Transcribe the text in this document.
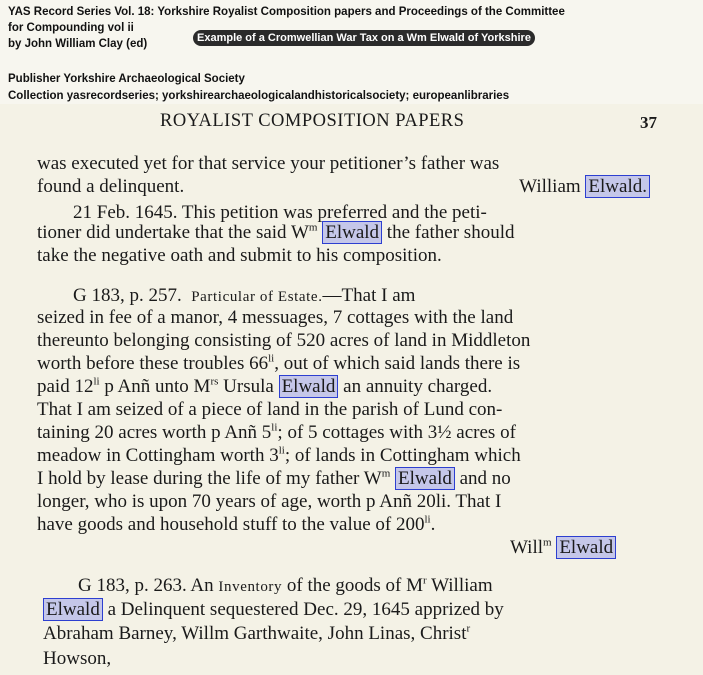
YAS Record Series Vol. 18: Yorkshire Royalist Composition papers and Proceedings of the Committee
for Compounding vol ii
by John William Clay (ed)	Example of a Cromwellian War Tax on a Wm Elwald of Yorkshire
Publisher Yorkshire Archaeological Society
Collection yasrecordseries; yorkshirearchaeologicalandhistoricalsociety; europeanlibraries
ROYALIST COMPOSITION PAPERS	37
was executed yet for that service your petitioner’s father was
found a delinquent.	William Elwald.
21 Feb. 1645. This petition was preferred and the peti-
tioner did undertake that the said $W^m$ Elwald the father should
take the negative oath and submit to his composition.
G 183, p. 257. Particular of Estate.—That I am
seized in fee of a manor, 4 messuages, 7 cottages with the land
thereunto belonging consisting of 520 acres of land in Middleton
worth before these troubles $66^{li}$, out of which said lands there is
paid $12^{li}$ p Anñ unto $M^{rs}$ Ursula Elwald an annuity charged.
That I am seized of a piece of land in the parish of Lund con-
taining 20 acres worth p Anñ $5^{li}$; of 5 cottages with 3½ acres of
meadow in Cottingham worth $3^{li}$; of lands in Cottingham which
I hold by lease during the life of my father $W^m$ Elwald and no
longer, who is upon 70 years of age, worth p Anñ 20li. That I
have goods and household stuff to the value of $200^{li}$.
Will$^m$ Elwald
G 183, p. 263. An Inventory of the goods of $M^r$ William
Elwald a Delinquent sequestered Dec. 29, 1645 apprized by
Abraham Barney, Willm Garthwaite, John Linas, Christ$^r$
Howson,
